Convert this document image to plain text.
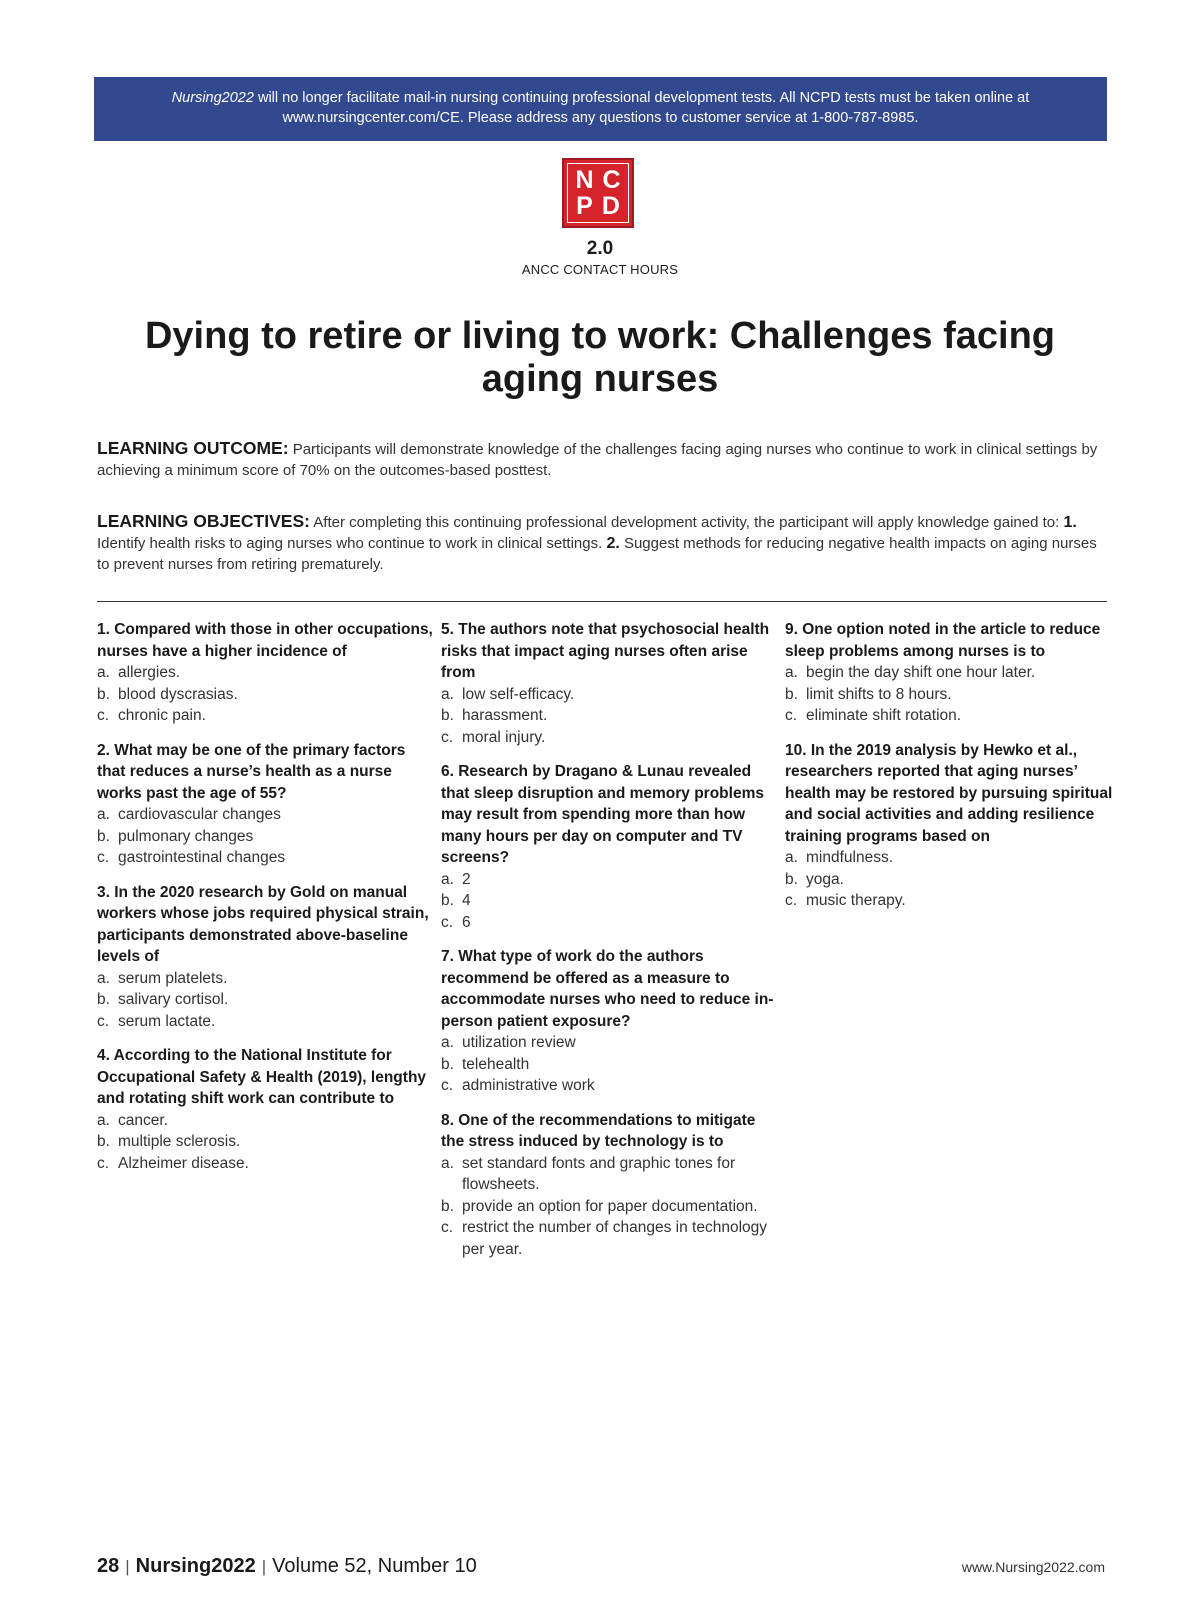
Nursing2022 will no longer facilitate mail-in nursing continuing professional development tests. All NCPD tests must be taken online at
www.nursingcenter.com/CE. Please address any questions to customer service at 1-800-787-8985.
NC
PD
2.0
ANCC CONTACT HOURS
Dying to retire or living to work: Challenges facing aging nurses
LEARNING OUTCOME: Participants will demonstrate knowledge of the challenges facing aging nurses who continue to work in clinical settings by achieving a minimum score of 70% on the outcomes-based posttest.
LEARNING OBJECTIVES: After completing this continuing professional development activity, the participant will apply knowledge gained to: 1. Identify health risks to aging nurses who continue to work in clinical settings. 2. Suggest methods for reducing negative health impacts on aging nurses to prevent nurses from retiring prematurely.
1. Compared with those in other occupations, nurses have a higher incidence of
a. allergies.
b. blood dyscrasias.
c. chronic pain.
2. What may be one of the primary factors that reduces a nurse’s health as a nurse works past the age of 55?
a. cardiovascular changes
b. pulmonary changes
c. gastrointestinal changes
3. In the 2020 research by Gold on manual workers whose jobs required physical strain, participants demonstrated above-baseline levels of
a. serum platelets.
b. salivary cortisol.
c. serum lactate.
4. According to the National Institute for Occupational Safety & Health (2019), lengthy and rotating shift work can contribute to
a. cancer.
b. multiple sclerosis.
c. Alzheimer disease.
5. The authors note that psychosocial health risks that impact aging nurses often arise from
a. low self-efficacy.
b. harassment.
c. moral injury.
6. Research by Dragano & Lunau revealed that sleep disruption and memory problems may result from spending more than how many hours per day on computer and TV screens?
a. 2
b. 4
c. 6
7. What type of work do the authors recommend be offered as a measure to accommodate nurses who need to reduce in-person patient exposure?
a. utilization review
b. telehealth
c. administrative work
8. One of the recommendations to mitigate the stress induced by technology is to
a. set standard fonts and graphic tones for flowsheets.
b. provide an option for paper documentation.
c. restrict the number of changes in technology per year.
9. One option noted in the article to reduce sleep problems among nurses is to
a. begin the day shift one hour later.
b. limit shifts to 8 hours.
c. eliminate shift rotation.
10. In the 2019 analysis by Hewko et al., researchers reported that aging nurses’ health may be restored by pursuing spiritual and social activities and adding resilience training programs based on
a. mindfulness.
b. yoga.
c. music therapy.
28 | Nursing2022 | Volume 52, Number 10	www.Nursing2022.com
